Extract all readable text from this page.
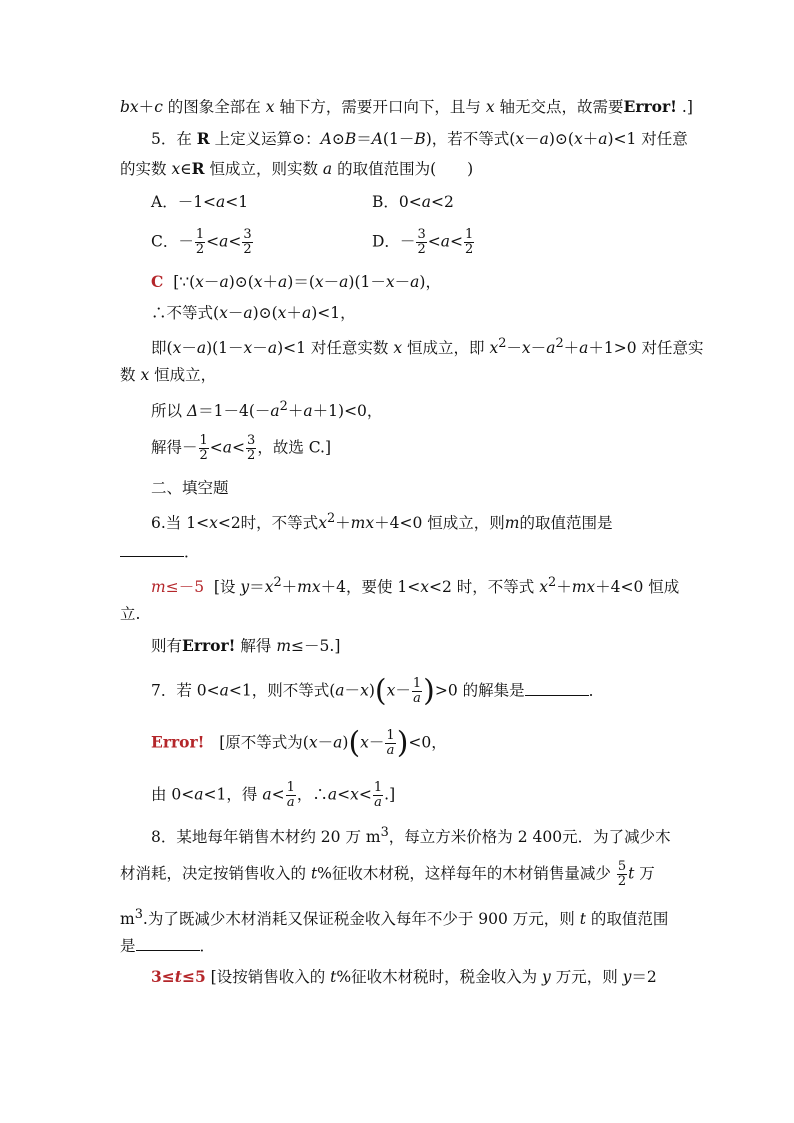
bx＋c 的图象全部在 x 轴下方，需要开口向下，且与 x 轴无交点，故需要Error! .]
5．在 R 上定义运算⊙：A⊙B＝A(1－B)，若不等式(x－a)⊙(x＋a)<1 对任意
的实数 x∈R 恒成立，则实数 a 的取值范围为(　　)
A．－1<a<1	B．0<a<2
C．－ $\frac{1}{2} <a< \frac{3}{2}$	D．－ $\frac{3}{2} <a< \frac{1}{2}$
C [∵(x－a)⊙(x＋a)＝(x－a)(1－x－a)，
∴不等式(x－a)⊙(x＋a)<1，
即(x－a)(1－x－a)<1 对任意实数 x 恒成立，即 $x^2-x-a^2+a+1>0$ 对任意实
数 x 恒成立，
所以 $\Delta=1-4(-a^2+a+1)<0$，
解得－ $\frac{1}{2} <a< \frac{3}{2}$ ，故选 C.]
二、填空题
6.当 1<x<2时，不等式$x^2+mx+4<0$ 恒成立，则m的取值范围是
．
m≤－5 [设 $y=x^2+mx+4$，要使 1<x<2 时，不等式 $x^2+mx+4<0$ 恒成
立.
则有Error! 解得 m≤－5.]
7．若 0<a<1，则不等式$(a-x)(x- \frac{1}{a} )>0$ 的解集是	．
Error! [原不等式为$(x-a)(x- \frac{1}{a} )<0$，
由 0<a<1，得 $a< \frac{1}{a}$ ，∴a<x< $\frac{1}{a}$ .]
8．某地每年销售木材约 20 万 $m^3$，每立方米价格为 2 400元．为了减少木
材消耗，决定按销售收入的 t%征收木材税，这样每年的木材销售量减少 $\frac{5}{2}$ t 万
$m^3$.为了既减少木材消耗又保证税金收入每年不少于 900 万元，则 t 的取值范围
是	．
3≤t≤5 [设按销售收入的 t%征收木材税时，税金收入为 y 万元，则 y＝2
